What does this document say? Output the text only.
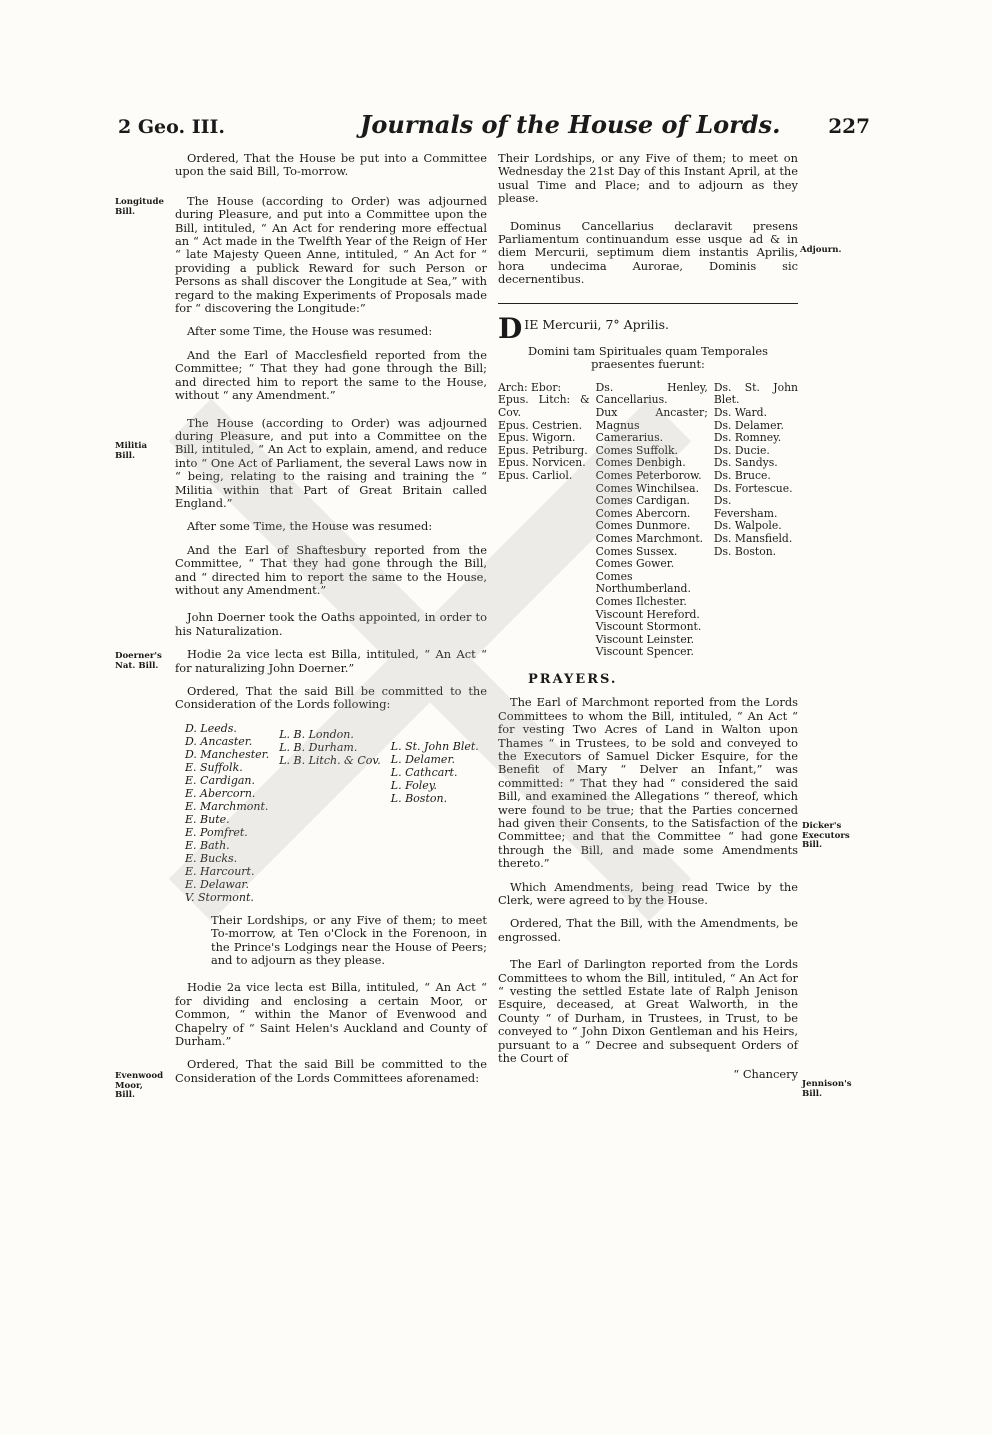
2 Geo. III.	Journals of the House of Lords. 227
Longitude Bill.
Militia Bill.
Doerner's Nat. Bill.
Evenwood Moor, Bill.
Adjourn.
Dicker's Executors Bill.
Jennison's Bill.

Ordered, That the House be put into a Committee upon the said Bill, To-morrow.

The House (according to Order) was adjourned during Pleasure, and put into a Committee upon the Bill, intituled, “ An Act for rendering more effectual an “ Act made in the Twelfth Year of the Reign of Her “ late Majesty Queen Anne, intituled, “ An Act for “ providing a publick Reward for such Person or Persons as shall discover the Longitude at Sea,” with regard to the making Experiments of Proposals made for “ discovering the Longitude:”

After some Time, the House was resumed:

And the Earl of Macclesfield reported from the Committee; “ That they had gone through the Bill; and directed him to report the same to the House, without “ any Amendment.”

The House (according to Order) was adjourned during Pleasure, and put into a Committee on the Bill, intituled, “ An Act to explain, amend, and reduce into “ One Act of Parliament, the several Laws now in “ being, relating to the raising and training the “ Militia within that Part of Great Britain called England.”

After some Time, the House was resumed:

And the Earl of Shaftesbury reported from the Committee, “ That they had gone through the Bill, and “ directed him to report the same to the House, without any Amendment.”

John Doerner took the Oaths appointed, in order to his Naturalization.

Hodie 2a vice lecta est Billa, intituled, “ An Act “ for naturalizing John Doerner.”

Ordered, That the said Bill be committed to the Consideration of the Lords following:

D. Leeds.
D. Ancaster.
D. Manchester.
E. Suffolk.
E. Cardigan.
E. Abercorn.
E. Marchmont.
E. Bute.
E. Pomfret.
E. Bath.
E. Bucks.
E. Harcourt.
E. Delawar.
V. Stormont.
L. B. London.
L. B. Durham.
L. B. Litch. & Cov.
L. St. John Blet.
L. Delamer.
L. Cathcart.
L. Foley.
L. Boston.

Their Lordships, or any Five of them; to meet To-morrow, at Ten o'Clock in the Forenoon, in the Prince's Lodgings near the House of Peers; and to adjourn as they please.

Hodie 2a vice lecta est Billa, intituled, “ An Act “ for dividing and enclosing a certain Moor, or Common, “ within the Manor of Evenwood and Chapelry of “ Saint Helen's Auckland and County of Durham.”

Ordered, That the said Bill be committed to the Consideration of the Lords Committees aforenamed:

Their Lordships, or any Five of them; to meet on Wednesday the 21st Day of this Instant April, at the usual Time and Place; and to adjourn as they please.

Dominus Cancellarius declaravit presens Parliamentum continuandum esse usque ad & in diem Mercurii, septimum diem instantis Aprilis, hora undecima Aurorae, Dominis sic decernentibus.

D IE Mercurii, 7° Aprilis.

Domini tam Spirituales quam Temporales praesentes fuerunt:

Arch: Ebor:
Epus. Litch: & Cov.
Epus. Cestrien.
Epus. Wigorn.
Epus. Petriburg.
Epus. Norvicen.
Epus. Carliol.
Ds. Henley, Cancellarius.
Dux Ancaster; Magnus Camerarius.
Comes Suffolk.
Comes Denbigh.
Comes Peterborow.
Comes Winchilsea.
Comes Cardigan.
Comes Abercorn.
Comes Dunmore.
Comes Marchmont.
Comes Sussex.
Comes Gower.
Comes Northumberland.
Comes Ilchester.
Viscount Hereford.
Viscount Stormont.
Viscount Leinster.
Viscount Spencer.
Ds. St. John Blet.
Ds. Ward.
Ds. Delamer.
Ds. Romney.
Ds. Ducie.
Ds. Sandys.
Ds. Bruce.
Ds. Fortescue.
Ds. Feversham.
Ds. Walpole.
Ds. Mansfield.
Ds. Boston.
PRAYERS.

The Earl of Marchmont reported from the Lords Committees to whom the Bill, intituled, “ An Act “ for vesting Two Acres of Land in Walton upon Thames “ in Trustees, to be sold and conveyed to the Executors of Samuel Dicker Esquire, for the Benefit of Mary “ Delver an Infant,” was committed: “ That they had “ considered the said Bill, and examined the Allegations “ thereof, which were found to be true; that the Parties concerned had given their Consents, to the Satisfaction of the Committee; and that the Committee “ had gone through the Bill, and made some Amendments thereto.”

Which Amendments, being read Twice by the Clerk, were agreed to by the House.

Ordered, That the Bill, with the Amendments, be engrossed.

The Earl of Darlington reported from the Lords Committees to whom the Bill, intituled, “ An Act for “ vesting the settled Estate late of Ralph Jenison Esquire, deceased, at Great Walworth, in the County “ of Durham, in Trustees, in Trust, to be conveyed to “ John Dixon Gentleman and his Heirs, pursuant to a “ Decree and subsequent Orders of the Court of

“ Chancery
